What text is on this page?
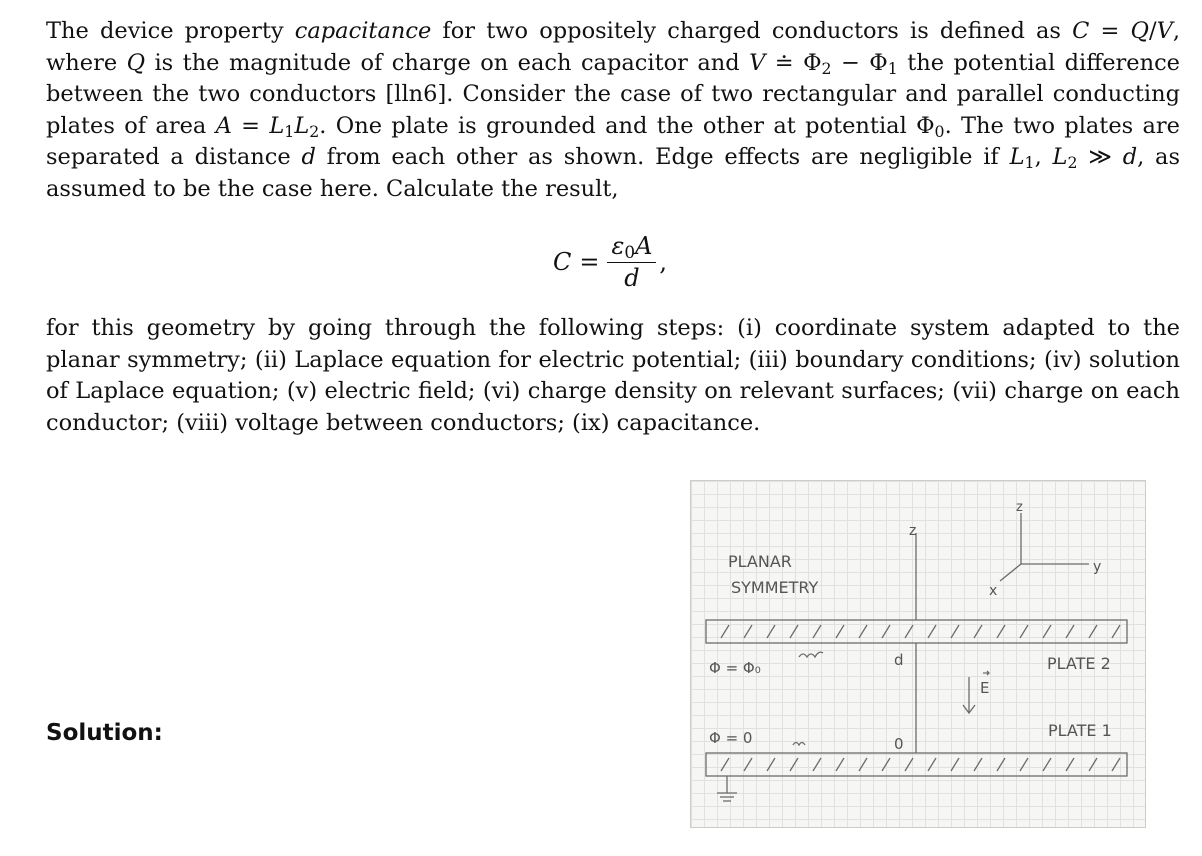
The device property capacitance for two oppositely charged conductors is defined as C = Q/V, where Q is the magnitude of charge on each capacitor and V ≐ $\Phi_2 - \Phi_1$ the potential difference between the two conductors [lln6]. Consider the case of two rectangular and parallel conducting plates of area $A = L_1L_2$. One plate is grounded and the other at potential $\Phi_0$. The two plates are separated a distance d from each other as shown. Edge effects are negligible if $L_1$, $L_2$ ≫ d, as assumed to be the case here. Calculate the result,

$C = \frac{\varepsilon_0A}{d}$ ,

for this geometry by going through the following steps: (i) coordinate system adapted to the planar symmetry; (ii) Laplace equation for electric potential; (iii) boundary conditions; (iv) solution of Laplace equation; (v) electric field; (vi) charge density on relevant surfaces; (vii) charge on each conductor; (viii) voltage between conductors; (ix) capacitance.

Solution:
PLANAR
SYMMETRY
z
z
y
x
Φ = Φ₀	d	PLATE 2
E
Φ = 0	0
PLATE 1
